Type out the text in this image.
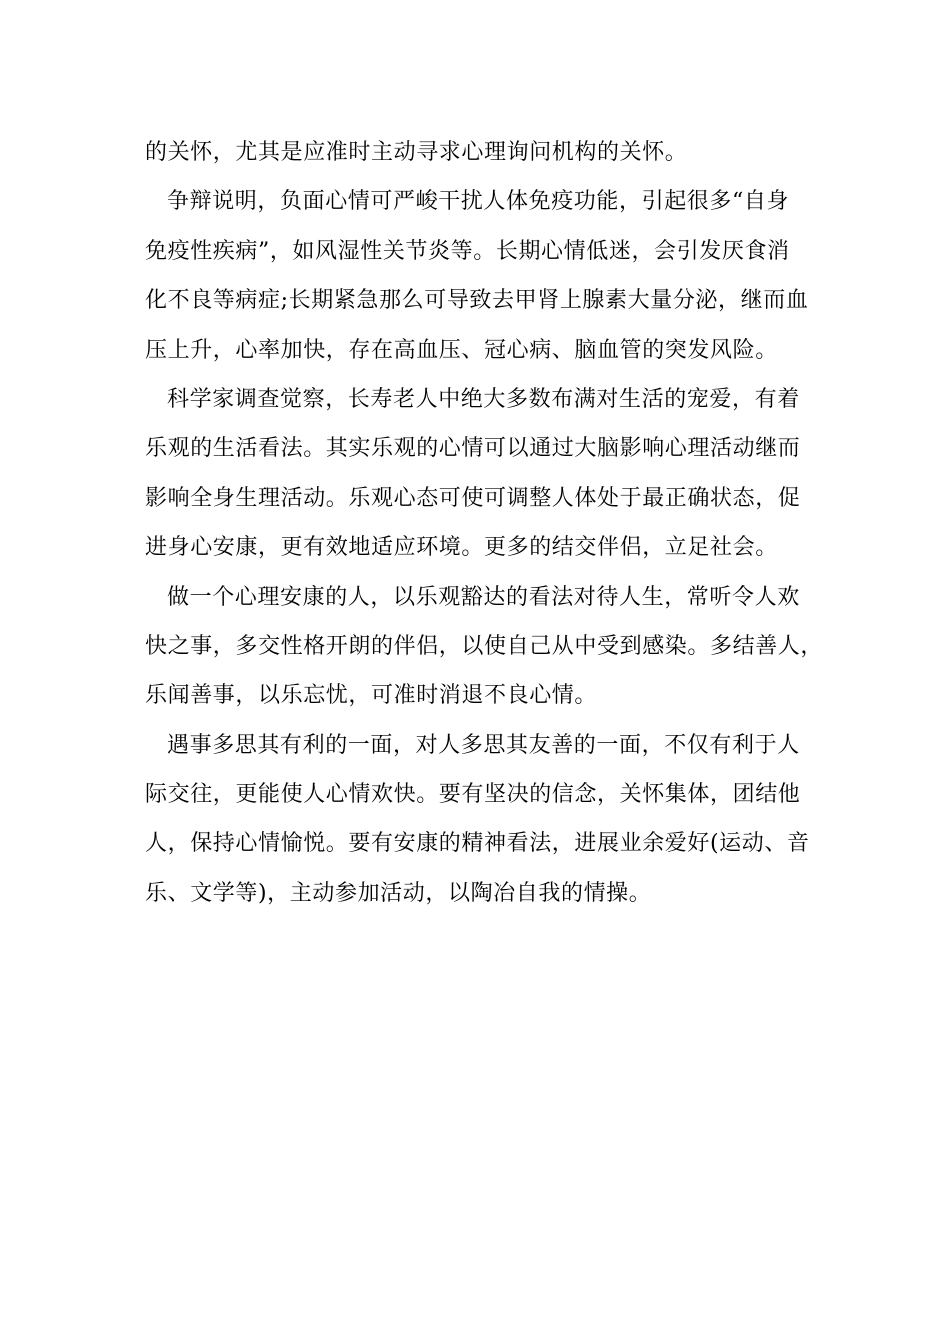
的关怀，尤其是应准时主动寻求心理询问机构的关怀。
争辩说明，负面心情可严峻干扰人体免疫功能，引起很多“自身
免疫性疾病”，如风湿性关节炎等。长期心情低迷，会引发厌食消
化不良等病症;长期紧急那么可导致去甲肾上腺素大量分泌，继而血
压上升，心率加快，存在高血压、冠心病、脑血管的突发风险。
科学家调查觉察，长寿老人中绝大多数布满对生活的宠爱，有着
乐观的生活看法。其实乐观的心情可以通过大脑影响心理活动继而
影响全身生理活动。乐观心态可使可调整人体处于最正确状态，促
进身心安康，更有效地适应环境。更多的结交伴侣，立足社会。
做一个心理安康的人，以乐观豁达的看法对待人生，常听令人欢
快之事，多交性格开朗的伴侣，以使自己从中受到感染。多结善人，
乐闻善事，以乐忘忧，可准时消退不良心情。
遇事多思其有利的一面，对人多思其友善的一面，不仅有利于人
际交往，更能使人心情欢快。要有坚决的信念，关怀集体，团结他
人，保持心情愉悦。要有安康的精神看法，进展业余爱好(运动、音
乐、文学等)，主动参加活动，以陶冶自我的情操。
